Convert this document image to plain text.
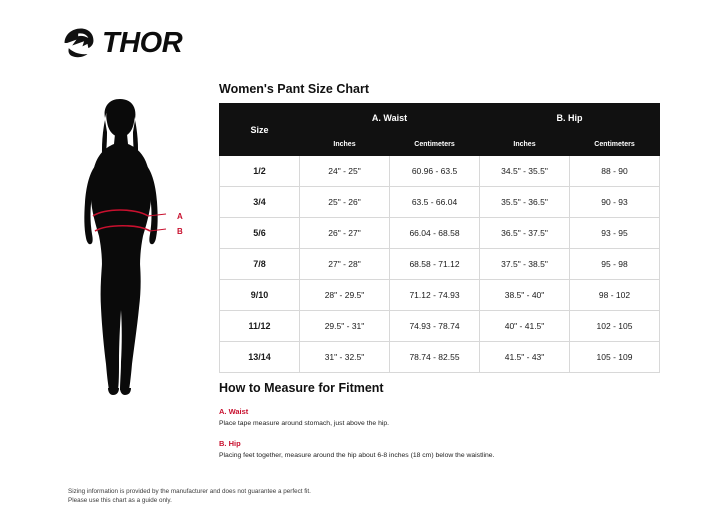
THOR
A
B
Women's Pant Size Chart
Size	A. Waist		B. Hip	
	Inches	Centimeters	Inches	Centimeters
1/2	24" - 25"	60.96 - 63.5	34.5" - 35.5"	88 - 90
3/4	25" - 26"	63.5 - 66.04	35.5" - 36.5"	90 - 93
5/6	26" - 27"	66.04 - 68.58	36.5" - 37.5"	93 - 95
7/8	27" - 28"	68.58 - 71.12	37.5" - 38.5"	95 - 98
9/10	28" - 29.5"	71.12 - 74.93	38.5" - 40"	98 - 102
11/12	29.5" - 31"	74.93 - 78.74	40" - 41.5"	102 - 105
13/14	31" - 32.5"	78.74 - 82.55	41.5" - 43"	105 - 109
How to Measure for Fitment
A. Waist
Place tape measure around stomach, just above the hip.
B. Hip
Placing feet together, measure around the hip about 6-8 inches (18 cm) below the waistline.
Sizing information is provided by the manufacturer and does not guarantee a perfect fit.
Please use this chart as a guide only.
